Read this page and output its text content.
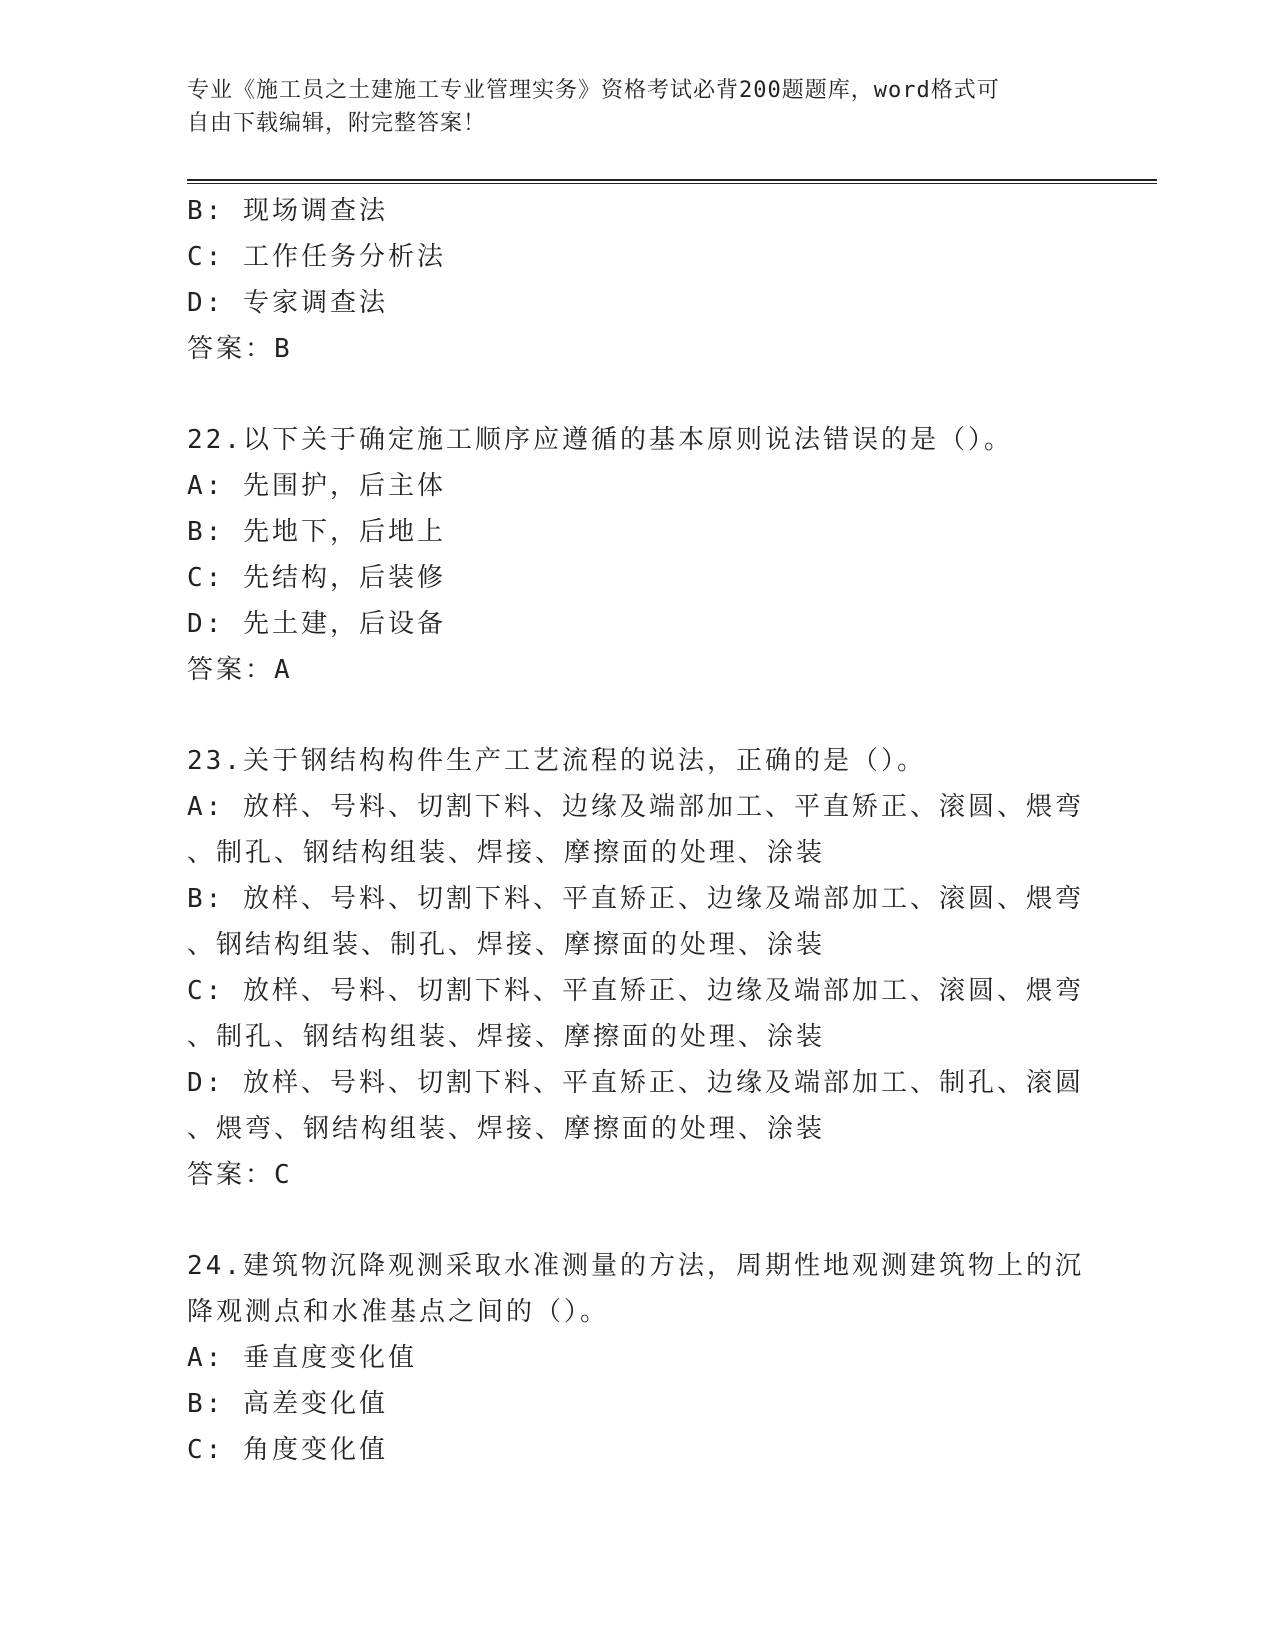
专业《施工员之土建施工专业管理实务》资格考试必背200题题库，word格式可
自由下载编辑，附完整答案！
B: 现场调查法
C: 工作任务分析法
D: 专家调查法
答案：B
22.以下关于确定施工顺序应遵循的基本原则说法错误的是（）。
A: 先围护，后主体
B: 先地下，后地上
C: 先结构，后装修
D: 先土建，后设备
答案：A
23.关于钢结构构件生产工艺流程的说法，正确的是（）。
A: 放样、号料、切割下料、边缘及端部加工、平直矫正、滚圆、煨弯
、制孔、钢结构组装、焊接、摩擦面的处理、涂装
B: 放样、号料、切割下料、平直矫正、边缘及端部加工、滚圆、煨弯
、钢结构组装、制孔、焊接、摩擦面的处理、涂装
C: 放样、号料、切割下料、平直矫正、边缘及端部加工、滚圆、煨弯
、制孔、钢结构组装、焊接、摩擦面的处理、涂装
D: 放样、号料、切割下料、平直矫正、边缘及端部加工、制孔、滚圆
、煨弯、钢结构组装、焊接、摩擦面的处理、涂装
答案：C
24.建筑物沉降观测采取水准测量的方法，周期性地观测建筑物上的沉
降观测点和水准基点之间的（）。
A: 垂直度变化值
B: 高差变化值
C: 角度变化值
